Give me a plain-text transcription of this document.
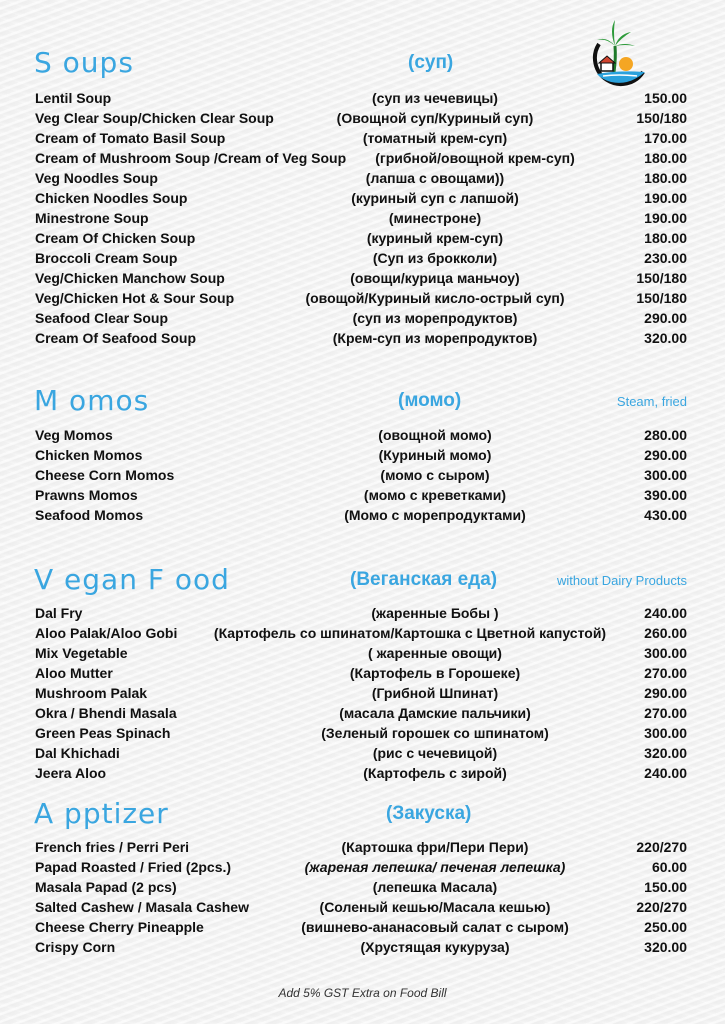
S oups	(суп)
Lentil Soup	(суп из чечевицы)	150.00
Veg Clear Soup/Chicken Clear Soup	(Овощной суп/Куриный суп)	150/180
Cream of Tomato Basil Soup	(томатный крем-суп)	170.00
Cream of Mushroom Soup /Cream of Veg Soup	(грибной/овощной крем-суп)	180.00
Veg Noodles Soup	(лапша с овощами))	180.00
Chicken Noodles Soup	(куриный суп с лапшой)	190.00
Minestrone Soup	(минестроне)	190.00
Cream Of Chicken Soup	(куриный крем-суп)	180.00
Broccoli Cream Soup	(Суп из брокколи)	230.00
Veg/Chicken Manchow Soup	(овощи/курица маньчоу)	150/180
Veg/Chicken Hot & Sour Soup	(овощой/Куриный кисло-острый суп)	150/180
Seafood Clear Soup	(суп из морепродуктов)	290.00
Cream Of Seafood Soup	(Крем-суп из морепродуктов)	320.00
M omos	(момо)	Steam, fried
Veg Momos	(овощной момо)	280.00
Chicken Momos	(Куриный момо)	290.00
Cheese Corn Momos	(момо с сыром)	300.00
Prawns Momos	(момо с креветками)	390.00
Seafood Momos	(Момо с морепродуктами)	430.00
V egan F ood	(Веганская еда)	without Dairy Products
Dal Fry	(жаренные Бобы )	240.00
Aloo Palak/Aloo Gobi	(Картофель со шпинатом/Картошка с Цветной капустой)	260.00
Mix Vegetable	( жаренные овощи)	300.00
Aloo Mutter	(Картофель в Горошеке)	270.00
Mushroom Palak	(Грибной Шпинат)	290.00
Okra / Bhendi Masala	(масала Дамские пальчики)	270.00
Green Peas Spinach	(Зеленый горошек со шпинатом)	300.00
Dal Khichadi	(рис с чечевицой)	320.00
Jeera Aloo	(Картофель с зирой)	240.00
A pptizer	(Закуска)
French fries / Perri Peri	(Картошка фри/Пери Пери)	220/270
Papad Roasted / Fried (2pcs.)	(жареная лепешка/ печеная лепешка)	60.00
Masala Papad (2 pcs)	(лепешка Масала)	150.00
Salted Cashew / Masala Cashew	(Соленый кешью/Масала кешью)	220/270
Cheese Cherry Pineapple	(вишнево-ананасовый салат с сыром)	250.00
Crispy Corn	(Хрустящая кукуруза)	320.00
Add 5% GST Extra on Food Bill
